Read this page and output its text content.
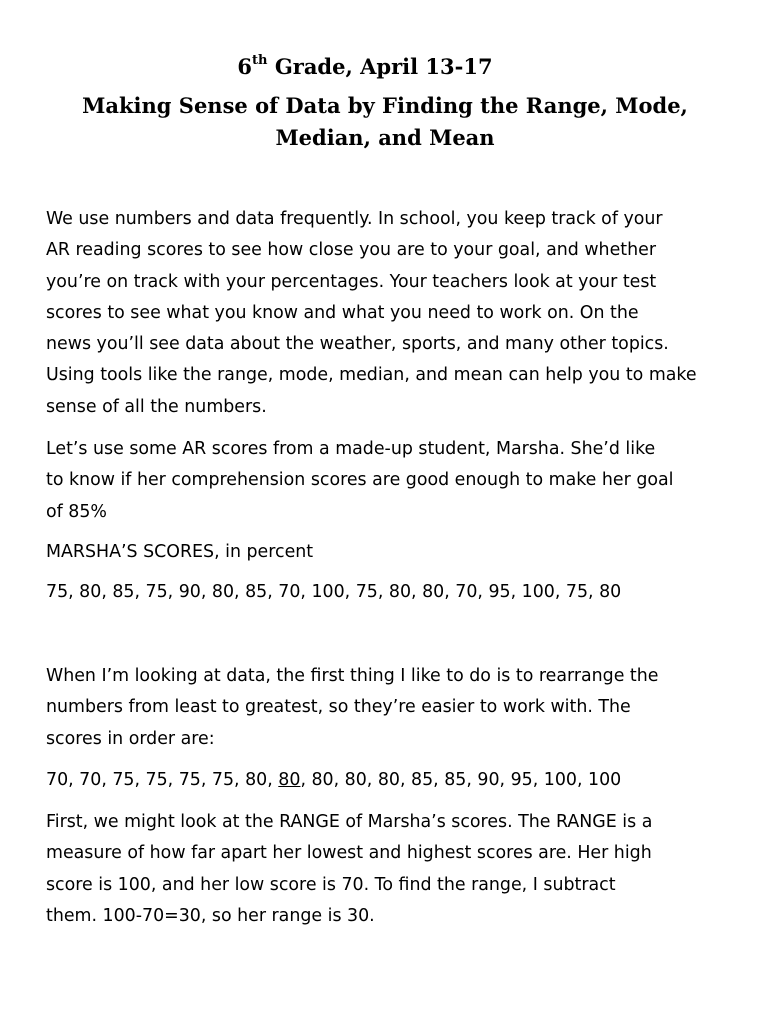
6th Grade, April 13-17
Making Sense of Data by Finding the Range, Mode,
Median, and Mean

We use numbers and data frequently. In school, you keep track of your
AR reading scores to see how close you are to your goal, and whether
you’re on track with your percentages. Your teachers look at your test
scores to see what you know and what you need to work on. On the
news you’ll see data about the weather, sports, and many other topics.
Using tools like the range, mode, median, and mean can help you to make
sense of all the numbers.

Let’s use some AR scores from a made-up student, Marsha. She’d like
to know if her comprehension scores are good enough to make her goal
of 85%

MARSHA’S SCORES, in percent

75, 80, 85, 75, 90, 80, 85, 70, 100, 75, 80, 80, 70, 95, 100, 75, 80

When I’m looking at data, the first thing I like to do is to rearrange the
numbers from least to greatest, so they’re easier to work with. The
scores in order are:

70, 70, 75, 75, 75, 75, 80, 80, 80, 80, 80, 85, 85, 90, 95, 100, 100

First, we might look at the RANGE of Marsha’s scores. The RANGE is a
measure of how far apart her lowest and highest scores are. Her high
score is 100, and her low score is 70. To find the range, I subtract
them. 100-70=30, so her range is 30.
